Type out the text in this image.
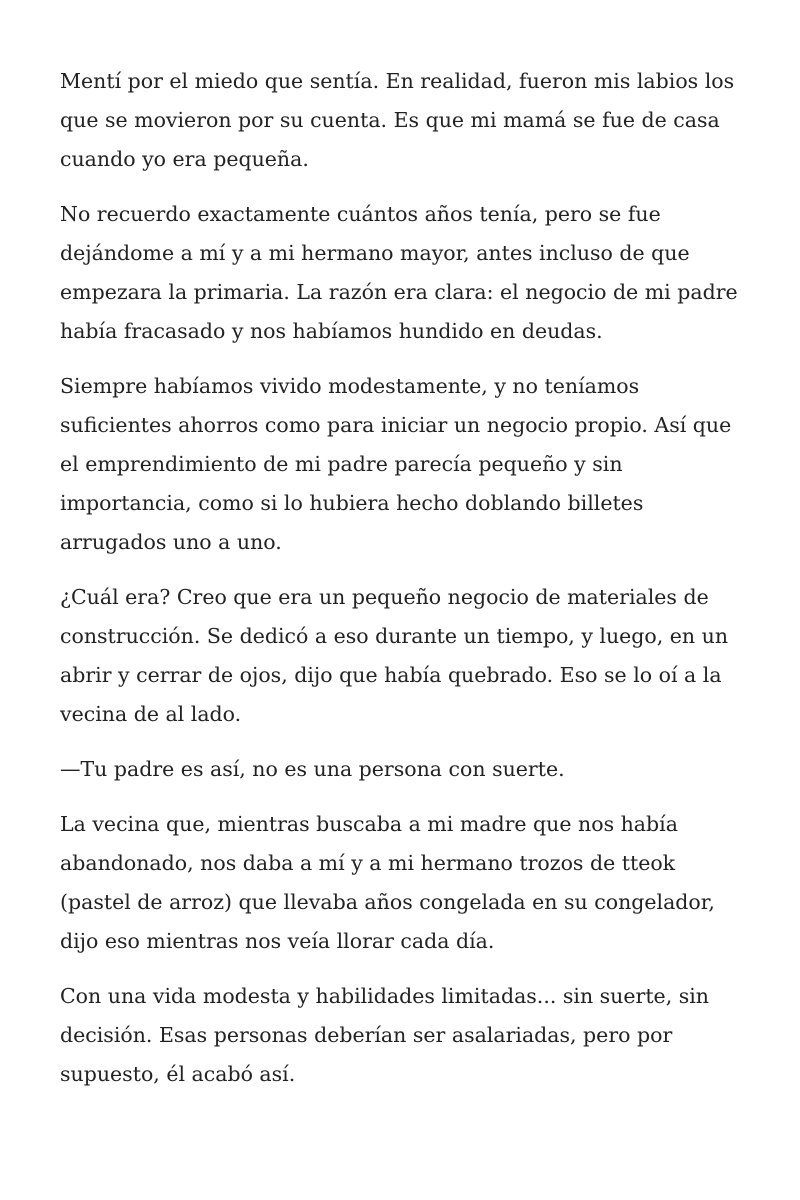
Mentí por el miedo que sentía. En realidad, fueron mis labios los que se movieron por su cuenta. Es que mi mamá se fue de casa cuando yo era pequeña.

No recuerdo exactamente cuántos años tenía, pero se fue dejándome a mí y a mi hermano mayor, antes incluso de que empezara la primaria. La razón era clara: el negocio de mi padre había fracasado y nos habíamos hundido en deudas.

Siempre habíamos vivido modestamente, y no teníamos suficientes ahorros como para iniciar un negocio propio. Así que el emprendimiento de mi padre parecía pequeño y sin importancia, como si lo hubiera hecho doblando billetes arrugados uno a uno.

¿Cuál era? Creo que era un pequeño negocio de materiales de construcción. Se dedicó a eso durante un tiempo, y luego, en un abrir y cerrar de ojos, dijo que había quebrado. Eso se lo oí a la vecina de al lado.

—Tu padre es así, no es una persona con suerte.

La vecina que, mientras buscaba a mi madre que nos había abandonado, nos daba a mí y a mi hermano trozos de tteok (pastel de arroz) que llevaba años congelada en su congelador, dijo eso mientras nos veía llorar cada día.

Con una vida modesta y habilidades limitadas... sin suerte, sin decisión. Esas personas deberían ser asalariadas, pero por supuesto, él acabó así.
